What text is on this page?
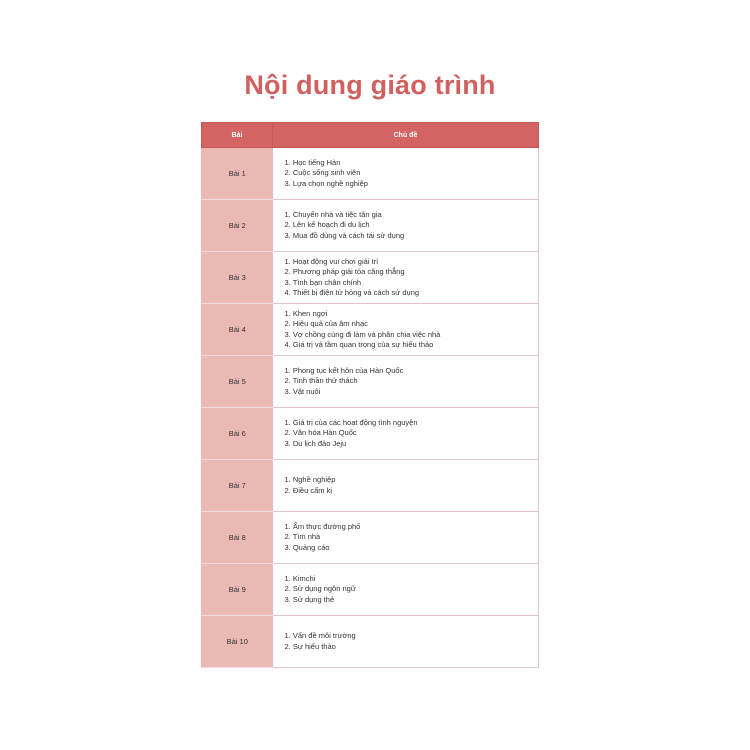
Nội dung giáo trình
Bài	Chủ đề
Bài 1	1. Học tiếng Hàn
2. Cuộc sống sinh viên
3. Lựa chọn nghề nghiệp

Bài 2	1. Chuyển nhà và tiệc tân gia
2. Lên kế hoạch đi du lịch
3. Mua đồ dùng và cách tái sử dụng

Bài 3	1. Hoạt động vui chơi giải trí
2. Phương pháp giải tỏa căng thẳng
3. Tình bạn chân chính
4. Thiết bị điện tử hỏng và cách sử dụng

Bài 4	1. Khen ngợi
2. Hiệu quả của âm nhạc
3. Vợ chồng cùng đi làm và phân chia việc nhà
4. Giá trị và tầm quan trọng của sự hiếu thảo

Bài 5	1. Phong tục kết hôn của Hàn Quốc
2. Tinh thần thử thách
3. Vật nuôi

Bài 6	1. Giá trị của các hoạt động tình nguyện
2. Văn hóa Hàn Quốc
3. Du lịch đảo Jeju

Bài 7	1. Nghề nghiệp
2. Điều cấm kị

Bài 8	1. Ẩm thực đường phố
2. Tìm nhà
3. Quảng cáo

Bài 9	1. Kimchi
2. Sử dụng ngôn ngữ
3. Sử dụng thẻ

Bài 10	1. Vấn đề môi trường
2. Sự hiếu thảo
